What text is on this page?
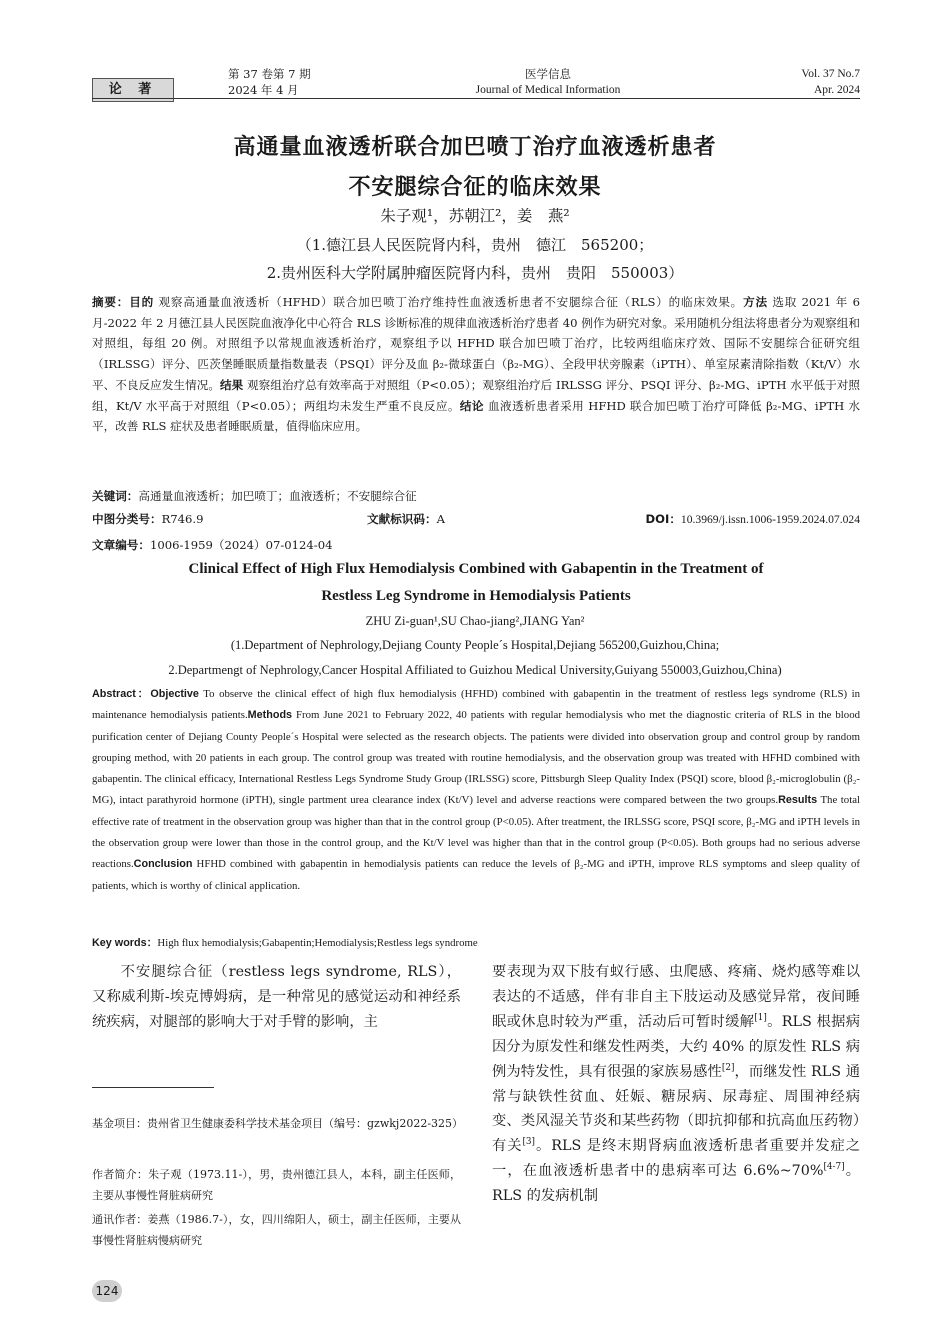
论 著
第 37 卷第 7 期
2024 年 4 月
医学信息
Journal of Medical Information
Vol. 37 No.7
Apr. 2024
高通量血液透析联合加巴喷丁治疗血液透析患者
不安腿综合征的临床效果
朱子观¹，苏朝江²，姜　燕²
（1.德江县人民医院肾内科，贵州　德江　565200；
2.贵州医科大学附属肿瘤医院肾内科，贵州　贵阳　550003）
摘要：目的 观察高通量血液透析（HFHD）联合加巴喷丁治疗维持性血液透析患者不安腿综合征（RLS）的临床效果。方法 选取 2021 年 6 月-2022 年 2 月德江县人民医院血液净化中心符合 RLS 诊断标准的规律血液透析治疗患者 40 例作为研究对象。采用随机分组法将患者分为观察组和对照组，每组 20 例。对照组予以常规血液透析治疗，观察组予以 HFHD 联合加巴喷丁治疗，比较两组临床疗效、国际不安腿综合征研究组（IRLSSG）评分、匹茨堡睡眠质量指数量表（PSQI）评分及血 β₂-微球蛋白（β₂-MG）、全段甲状旁腺素（iPTH）、单室尿素清除指数（Kt/V）水平、不良反应发生情况。结果 观察组治疗总有效率高于对照组（P<0.05）；观察组治疗后 IRLSSG 评分、PSQI 评分、β₂-MG、iPTH 水平低于对照组，Kt/V 水平高于对照组（P<0.05）；两组均未发生严重不良反应。结论 血液透析患者采用 HFHD 联合加巴喷丁治疗可降低 β₂-MG、iPTH 水平，改善 RLS 症状及患者睡眠质量，值得临床应用。
关键词：高通量血液透析；加巴喷丁；血液透析；不安腿综合征
中图分类号：R746.9	文献标识码：A	DOI：10.3969/j.issn.1006-1959.2024.07.024
文章编号：1006-1959（2024）07-0124-04
Clinical Effect of High Flux Hemodialysis Combined with Gabapentin in the Treatment of
Restless Leg Syndrome in Hemodialysis Patients
ZHU Zi-guan¹,SU Chao-jiang²,JIANG Yan²
(1.Department of Nephrology,Dejiang County People´s Hospital,Dejiang 565200,Guizhou,China;
2.Departmengt of Nephrology,Cancer Hospital Affiliated to Guizhou Medical University,Guiyang 550003,Guizhou,China)
Abstract：Objective To observe the clinical effect of high flux hemodialysis (HFHD) combined with gabapentin in the treatment of restless legs syndrome (RLS) in maintenance hemodialysis patients.Methods From June 2021 to February 2022, 40 patients with regular hemodialysis who met the diagnostic criteria of RLS in the blood purification center of Dejiang County People´s Hospital were selected as the research objects. The patients were divided into observation group and control group by random grouping method, with 20 patients in each group. The control group was treated with routine hemodialysis, and the observation group was treated with HFHD combined with gabapentin. The clinical efficacy, International Restless Legs Syndrome Study Group (IRLSSG) score, Pittsburgh Sleep Quality Index (PSQI) score, blood β₂-microglobulin (β₂-MG), intact parathyroid hormone (iPTH), single partment urea clearance index (Kt/V) level and adverse reactions were compared between the two groups.Results The total effective rate of treatment in the observation group was higher than that in the control group (P<0.05). After treatment, the IRLSSG score, PSQI score, β₂-MG and iPTH levels in the observation group were lower than those in the control group, and the Kt/V level was higher than that in the control group (P<0.05). Both groups had no serious adverse reactions.Conclusion HFHD combined with gabapentin in hemodialysis patients can reduce the levels of β₂-MG and iPTH, improve RLS symptoms and sleep quality of patients, which is worthy of clinical application.
Key words：High flux hemodialysis;Gabapentin;Hemodialysis;Restless legs syndrome
不安腿综合征（restless legs syndrome, RLS），又称威利斯-埃克博姆病，是一种常见的感觉运动和神经系统疾病，对腿部的影响大于对手臂的影响，主
要表现为双下肢有蚁行感、虫爬感、疼痛、烧灼感等难以表达的不适感，伴有非自主下肢运动及感觉异常，夜间睡眠或休息时较为严重，活动后可暂时缓解[1]。RLS 根据病因分为原发性和继发性两类，大约 40% 的原发性 RLS 病例为特发性，具有很强的家族易感性[2]，而继发性 RLS 通常与缺铁性贫血、妊娠、糖尿病、尿毒症、周围神经病变、类风湿关节炎和某些药物（即抗抑郁和抗高血压药物）有关[3]。RLS 是终末期肾病血液透析患者重要并发症之一，在血液透析患者中的患病率可达 6.6%~70%[4-7]。RLS 的发病机制
基金项目：贵州省卫生健康委科学技术基金项目（编号：gzwkj2022-325）
作者简介：朱子观（1973.11-），男，贵州德江县人，本科，副主任医师，主要从事慢性肾脏病研究
通讯作者：姜燕（1986.7-），女，四川绵阳人，硕士，副主任医师，主要从事慢性肾脏病慢病研究
124
